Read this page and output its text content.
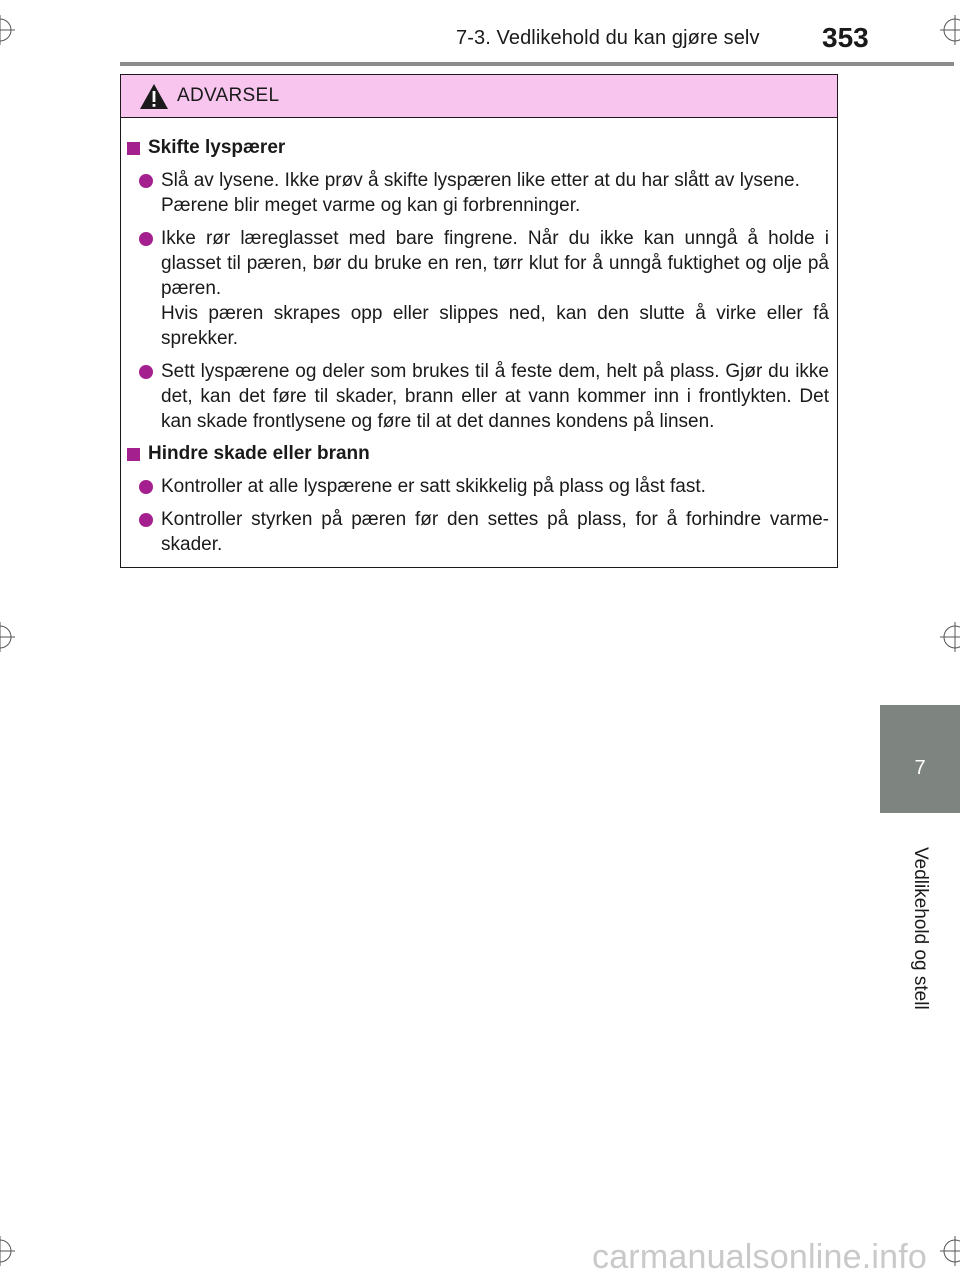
7-3. Vedlikehold du kan gjøre selv 353
ADVARSEL
Skifte lyspærer

Slå av lysene. Ikke prøv å skifte lyspæren like etter at du har slått av lysene.

Pærene blir meget varme og kan gi forbrenninger.

Ikke rør læreglasset med bare fingrene. Når du ikke kan unngå å holde i glasset til pæren, bør du bruke en ren, tørr klut for å unngå fuktighet og olje på pæren.

Hvis pæren skrapes opp eller slippes ned, kan den slutte å virke eller få sprekker.

Sett lyspærene og deler som brukes til å feste dem, helt på plass. Gjør du ikke det, kan det føre til skader, brann eller at vann kommer inn i frontlykten. Det kan skade frontlysene og føre til at det dannes kondens på linsen.

Hindre skade eller brann

Kontroller at alle lyspærene er satt skikkelig på plass og låst fast.

Kontroller styrken på pæren før den settes på plass, for å forhindre varme-skader.

7
Vedlikehold og stell
carmanualsonline.info
